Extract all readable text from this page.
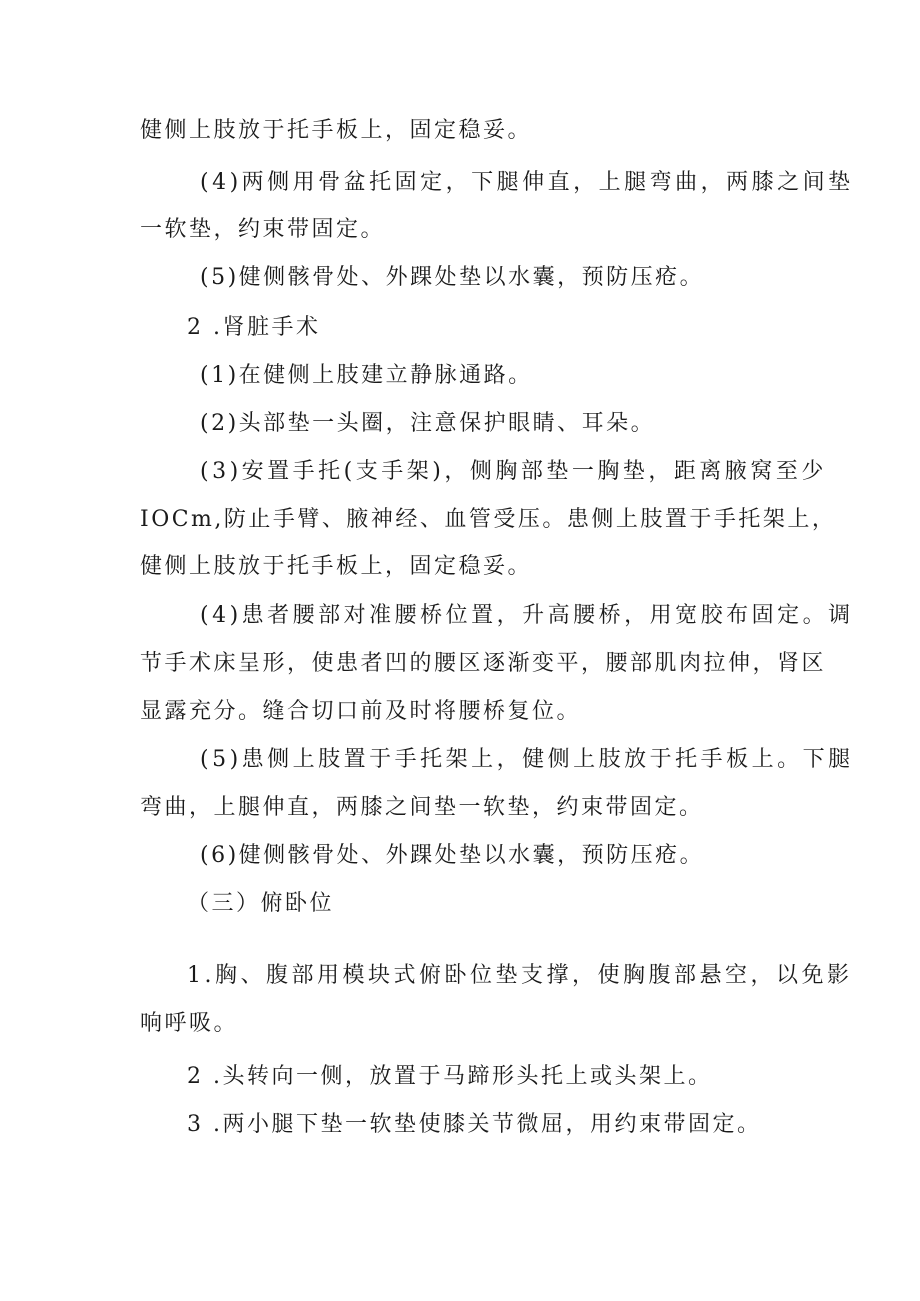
健侧上肢放于托手板上，固定稳妥。
(4)两侧用骨盆托固定，下腿伸直，上腿弯曲，两膝之间垫
一软垫，约束带固定。
(5)健侧骸骨处、外踝处垫以水囊，预防压疮。
2 .肾脏手术
(1)在健侧上肢建立静脉通路。
(2)头部垫一头圈，注意保护眼睛、耳朵。
(3)安置手托(支手架)，侧胸部垫一胸垫，距离腋窝至少
IOCm,防止手臂、腋神经、血管受压。患侧上肢置于手托架上，
健侧上肢放于托手板上，固定稳妥。
(4)患者腰部对准腰桥位置，升高腰桥，用宽胶布固定。调
节手术床呈形，使患者凹的腰区逐渐变平，腰部肌肉拉伸，肾区
显露充分。缝合切口前及时将腰桥复位。
(5)患侧上肢置于手托架上，健侧上肢放于托手板上。下腿
弯曲，上腿伸直，两膝之间垫一软垫，约束带固定。
(6)健侧骸骨处、外踝处垫以水囊，预防压疮。
（三）俯卧位
1.胸、腹部用模块式俯卧位垫支撑，使胸腹部悬空，以免影
响呼吸。
2 .头转向一侧，放置于马蹄形头托上或头架上。
3 .两小腿下垫一软垫使膝关节微屈，用约束带固定。
